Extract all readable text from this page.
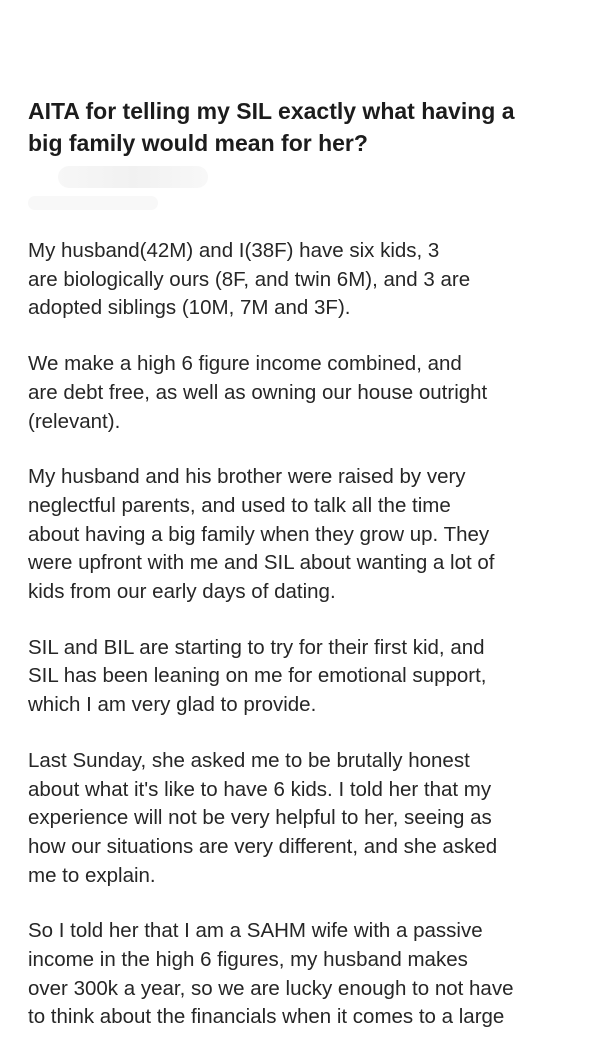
AITA for telling my SIL exactly what having a
big family would mean for her?

My husband(42M) and I(38F) have six kids, 3
are biologically ours (8F, and twin 6M), and 3 are
adopted siblings (10M, 7M and 3F).

We make a high 6 figure income combined, and
are debt free, as well as owning our house outright
(relevant).

My husband and his brother were raised by very
neglectful parents, and used to talk all the time
about having a big family when they grow up. They
were upfront with me and SIL about wanting a lot of
kids from our early days of dating.

SIL and BIL are starting to try for their first kid, and
SIL has been leaning on me for emotional support,
which I am very glad to provide.

Last Sunday, she asked me to be brutally honest
about what it's like to have 6 kids. I told her that my
experience will not be very helpful to her, seeing as
how our situations are very different, and she asked
me to explain.

So I told her that I am a SAHM wife with a passive
income in the high 6 figures, my husband makes
over 300k a year, so we are lucky enough to not have
to think about the financials when it comes to a large
